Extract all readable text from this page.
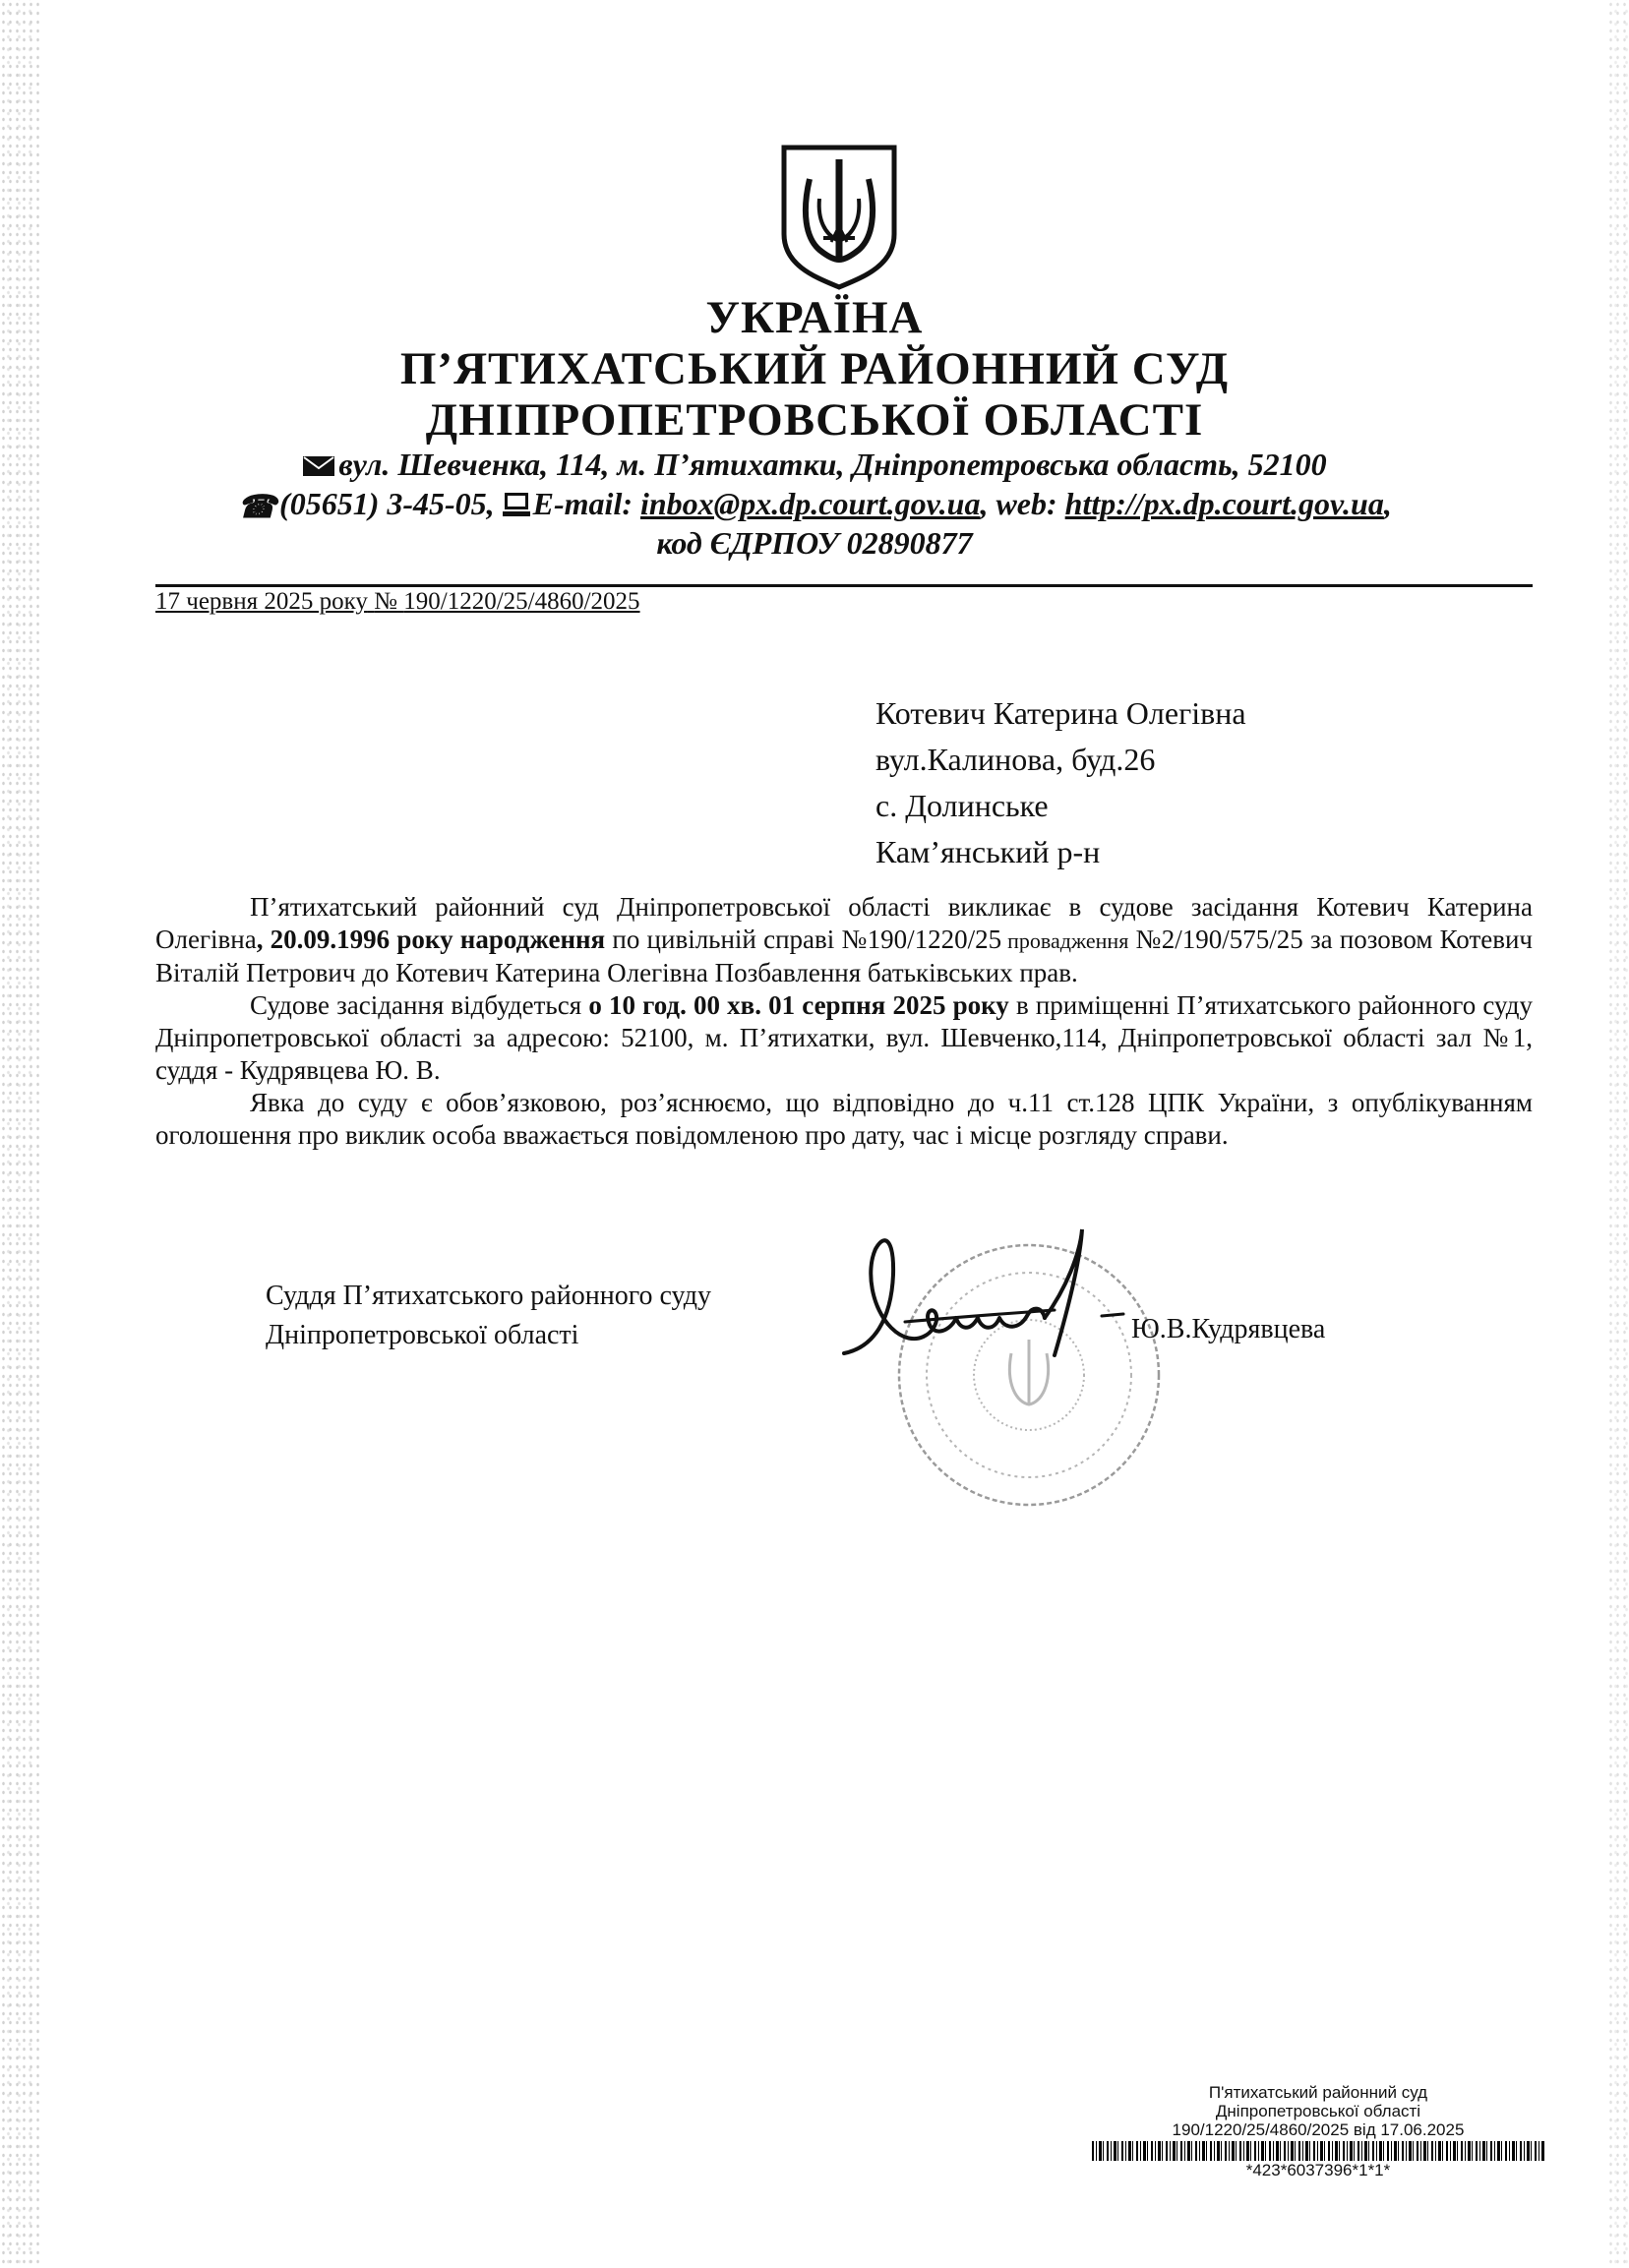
УКРАЇНА
П’ЯТИХАТСЬКИЙ РАЙОННИЙ СУД
ДНІПРОПЕТРОВСЬКОЇ ОБЛАСТІ
вул. Шевченка, 114, м. П’ятихатки, Дніпропетровська область, 52100
☎(05651) 3-45-05, E-mail: inbox@px.dp.court.gov.ua, web: http://px.dp.court.gov.ua,
код ЄДРПОУ 02890877
17 червня 2025 року № 190/1220/25/4860/2025
Котевич Катерина Олегівна
вул.Калинова, буд.26
с. Долинське
Кам’янський р-н

П’ятихатський районний суд Дніпропетровської області викликає в судове засідання Котевич Катерина Олегівна, 20.09.1996 року народження по цивільній справі №190/1220/25 провадження №2/190/575/25 за позовом Котевич Віталій Петрович до Котевич Катерина Олегівна Позбавлення батьківських прав.

Судове засідання відбудеться о 10 год. 00 хв. 01 серпня 2025 року в приміщенні П’ятихатського районного суду Дніпропетровської області за адресою: 52100, м. П’ятихатки, вул. Шевченко,114, Дніпропетровської області зал №1, суддя - Кудрявцева Ю. В.

Явка до суду є обов’язковою, роз’яснюємо, що відповідно до ч.11 ст.128 ЦПК України, з опублікуванням оголошення про виклик особа вважається повідомленою про дату, час і місце розгляду справи.

Суддя П’ятихатського районного суду
Дніпропетровської області	Ю.В.Кудрявцева
П'ятихатський районний суд
Дніпропетровської області
190/1220/25/4860/2025 від 17.06.2025
*423*6037396*1*1*
